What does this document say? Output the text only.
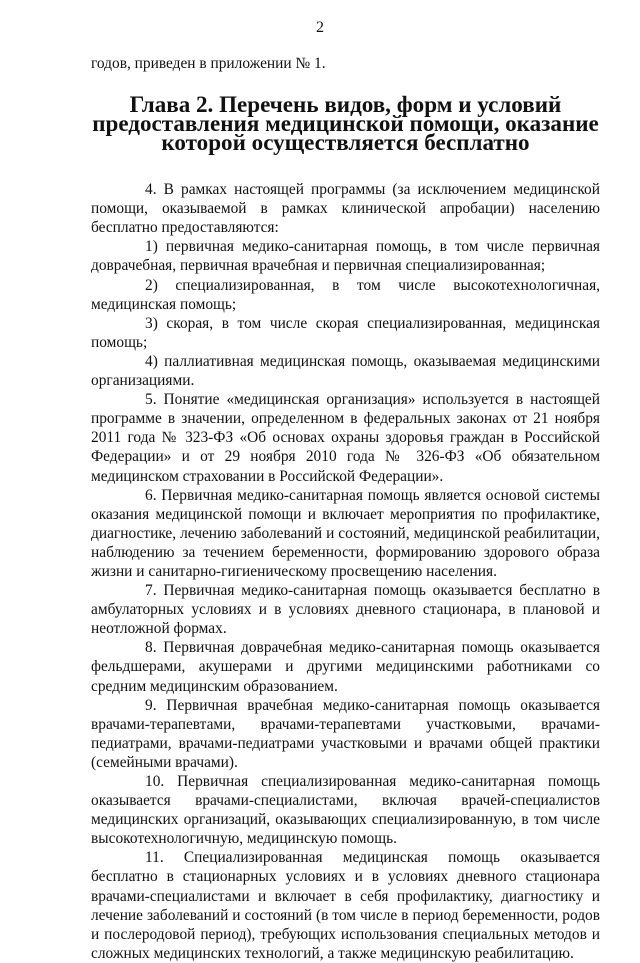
2

годов, приведен в приложении № 1.

Глава 2. Перечень видов, форм и условий предоставления медицинской помощи, оказание которой осуществляется бесплатно

4. В рамках настоящей программы (за исключением медицинской помощи, оказываемой в рамках клинической апробации) населению бесплатно предоставляются:

1) первичная медико-санитарная помощь, в том числе первичная доврачебная, первичная врачебная и первичная специализированная;

2) специализированная, в том числе высокотехнологичная, медицинская помощь;

3) скорая, в том числе скорая специализированная, медицинская помощь;

4) паллиативная медицинская помощь, оказываемая медицинскими организациями.

5. Понятие «медицинская организация» используется в настоящей программе в значении, определенном в федеральных законах от 21 ноября 2011 года № 323-ФЗ «Об основах охраны здоровья граждан в Российской Федерации» и от 29 ноября 2010 года № 326-ФЗ «Об обязательном медицинском страховании в Российской Федерации».

6. Первичная медико-санитарная помощь является основой системы оказания медицинской помощи и включает мероприятия по профилактике, диагностике, лечению заболеваний и состояний, медицинской реабилитации, наблюдению за течением беременности, формированию здорового образа жизни и санитарно-гигиеническому просвещению населения.

7. Первичная медико-санитарная помощь оказывается бесплатно в амбулаторных условиях и в условиях дневного стационара, в плановой и неотложной формах.

8. Первичная доврачебная медико-санитарная помощь оказывается фельдшерами, акушерами и другими медицинскими работниками со средним медицинским образованием.

9. Первичная врачебная медико-санитарная помощь оказывается врачами-терапевтами, врачами-терапевтами участковыми, врачами-педиатрами, врачами-педиатрами участковыми и врачами общей практики (семейными врачами).

10. Первичная специализированная медико-санитарная помощь оказывается врачами-специалистами, включая врачей-специалистов медицинских организаций, оказывающих специализированную, в том числе высокотехнологичную, медицинскую помощь.

11. Специализированная медицинская помощь оказывается бесплатно в стационарных условиях и в условиях дневного стационара врачами-специалистами и включает в себя профилактику, диагностику и лечение заболеваний и состояний (в том числе в период беременности, родов и послеродовой период), требующих использования специальных методов и сложных медицинских технологий, а также медицинскую реабилитацию.
